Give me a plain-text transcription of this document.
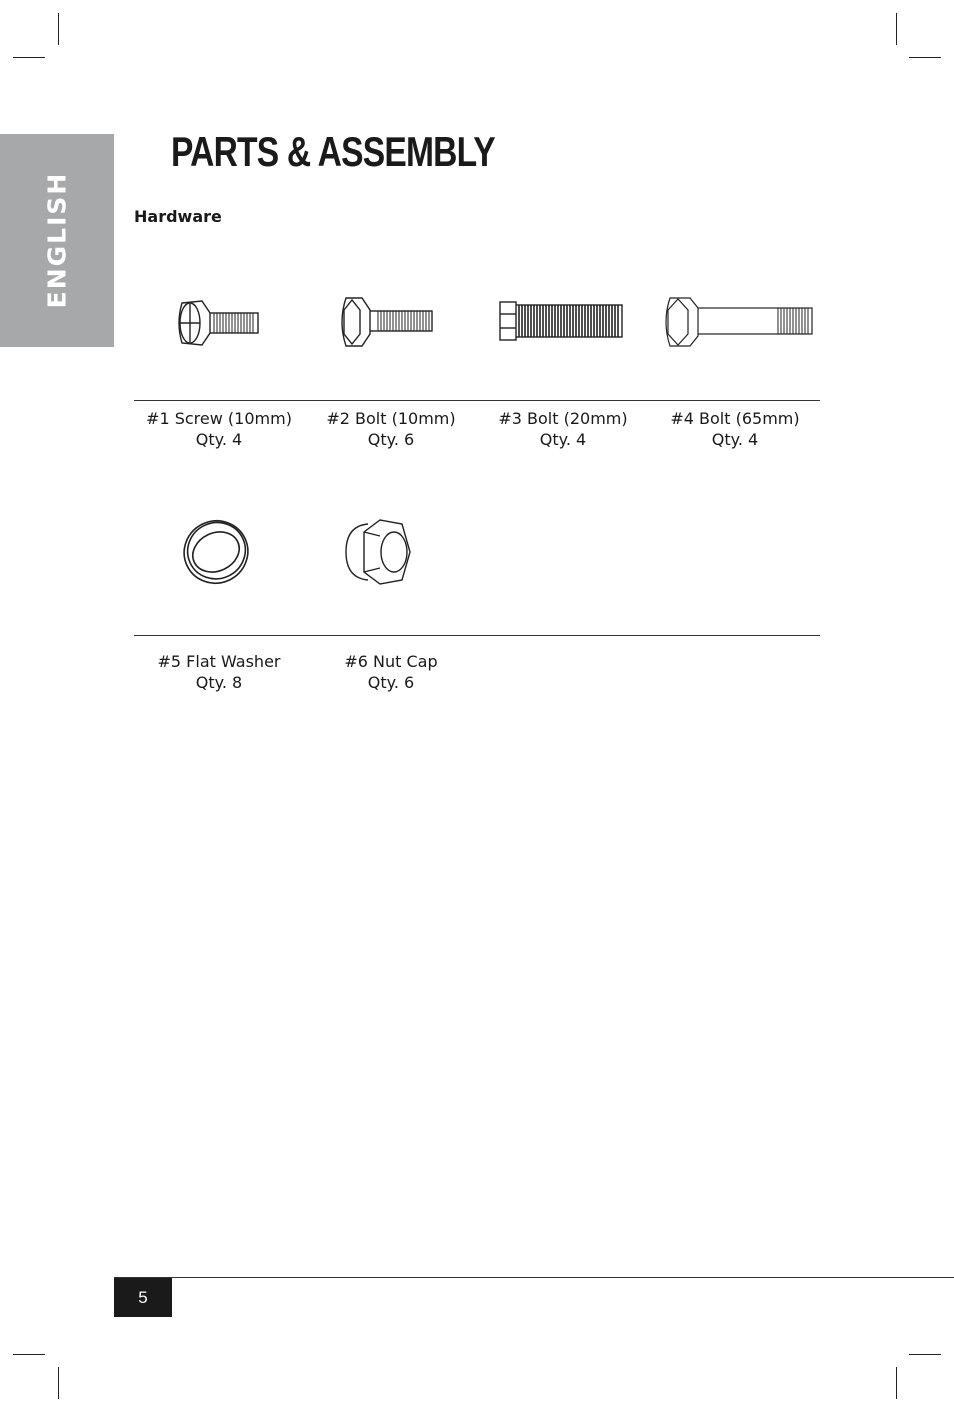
ENGLISH
PARTS & ASSEMBLY
Hardware
#1 Screw (10mm)
Qty. 4
#2 Bolt (10mm)
Qty. 6
#3 Bolt (20mm)
Qty. 4
#4 Bolt (65mm)
Qty. 4
#5 Flat Washer
Qty. 8
#6 Nut Cap
Qty. 6
5
